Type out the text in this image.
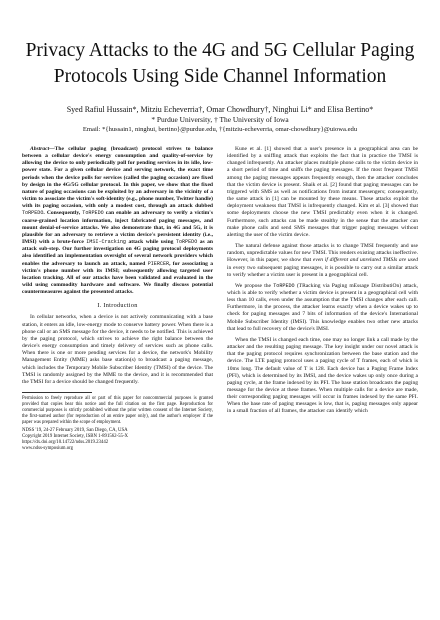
Privacy Attacks to the 4G and 5G Cellular Paging
Protocols Using Side Channel Information
Syed Rafiul Hussain*, Mitziu Echeverria†, Omar Chowdhury†, Ninghui Li* and Elisa Bertino*
* Purdue University, † The University of Iowa
Email: *{hussain1, ninghui, bertino}@purdue.edu, †{mitziu-echeverria, omar-chowdhury}@uiowa.edu

Abstract—The cellular paging (broadcast) protocol strives to balance between a cellular device's energy consumption and quality-of-service by allowing the device to only periodically poll for pending services in its idle, low-power state. For a given cellular device and serving network, the exact time periods when the device polls for services (called the paging occasion) are fixed by design in the 4G/5G cellular protocol. In this paper, we show that the fixed nature of paging occasions can be exploited by an adversary in the vicinity of a victim to associate the victim's soft-identity (e.g., phone number, Twitter handle) with its paging occasion, with only a modest cost, through an attack dubbed ToRPEDO. Consequently, ToRPEDO can enable an adversary to verify a victim's coarse-grained location information, inject fabricated paging messages, and mount denial-of-service attacks. We also demonstrate that, in 4G and 5G, it is plausible for an adversary to retrieve a victim device's persistent identity (i.e., IMSI) with a brute-force IMSI-Cracking attack while using ToRPEDO as an attack sub-step. Our further investigation on 4G paging protocol deployments also identified an implementation oversight of several network providers which enables the adversary to launch an attack, named PIERCER, for associating a victim's phone number with its IMSI; subsequently allowing targeted user location tracking. All of our attacks have been validated and evaluated in the wild using commodity hardware and software. We finally discuss potential countermeasures against the presented attacks.

I. Introduction

In cellular networks, when a device is not actively communicating with a base station, it enters an idle, low-energy mode to conserve battery power. When there is a phone call or an SMS message for the device, it needs to be notified. This is achieved by the paging protocol, which strives to achieve the right balance between the device's energy consumption and timely delivery of services such as phone calls. When there is one or more pending services for a device, the network's Mobility Management Entity (MME) asks base station(s) to broadcast a paging message, which includes the Temporary Mobile Subscriber Identity (TMSI) of the device. The TMSI is randomly assigned by the MME to the device, and it is recommended that the TMSI for a device should be changed frequently.

Permission to freely reproduce all or part of this paper for noncommercial purposes is granted provided that copies bear this notice and the full citation on the first page. Reproduction for commercial purposes is strictly prohibited without the prior written consent of the Internet Society, the first-named author (for reproduction of an entire paper only), and the author's employer if the paper was prepared within the scope of employment.

NDSS '19, 24-27 February 2019, San Diego, CA, USA
Copyright 2019 Internet Society, ISBN 1-891562-55-X
https://dx.doi.org/10.14722/ndss.2019.23442
www.ndss-symposium.org

Kune et al. [1] showed that a user's presence in a geographical area can be identified by a sniffing attack that exploits the fact that in practice the TMSI is changed infrequently. An attacker places multiple phone calls to the victim device in a short period of time and sniffs the paging messages. If the most frequent TMSI among the paging messages appears frequently enough, then the attacker concludes that the victim device is present. Shaik et al. [2] found that paging messages can be triggered with SMS as well as notifications from instant messengers; consequently, the same attack in [1] can be mounted by these means. These attacks exploit the deployment weakness that TMSI is infrequently changed. Kim et al. [3] showed that some deployments choose the new TMSI predictably even when it is changed. Furthermore, such attacks can be made stealthy in the sense that the attacker can make phone calls and send SMS messages that trigger paging messages without alerting the user of the victim device.

The natural defense against those attacks is to change TMSI frequently and use random, unpredictable values for new TMSI. This renders existing attacks ineffective. However, in this paper, we show that even if different and unrelated TMSIs are used in every two subsequent paging messages, it is possible to carry out a similar attack to verify whether a victim user is present in a geographical cell.

We propose the ToRPEDO (TRacking via Paging mEssage DistributiOn) attack, which is able to verify whether a victim device is present in a geographical cell with less than 10 calls, even under the assumption that the TMSI changes after each call. Furthermore, in the process, the attacker learns exactly when a device wakes up to check for paging messages and 7 bits of information of the device's International Mobile Subscriber Identity (IMSI). This knowledge enables two other new attacks that lead to full recovery of the device's IMSI.

When the TMSI is changed each time, one may no longer link a call made by the attacker and the resulting paging message. The key insight under our novel attack is that the paging protocol requires synchronization between the base station and the device. The LTE paging protocol uses a paging cycle of T frames, each of which is 10ms long. The default value of T is 128. Each device has a Paging Frame Index (PFI), which is determined by its IMSI, and the device wakes up only once during a paging cycle, at the frame indexed by its PFI. The base station broadcasts the paging message for the device at these frames. When multiple calls for a device are made, their corresponding paging messages will occur in frames indexed by the same PFI. When the base rate of paging messages is low, that is, paging messages only appear in a small fraction of all frames, the attacker can identify which
